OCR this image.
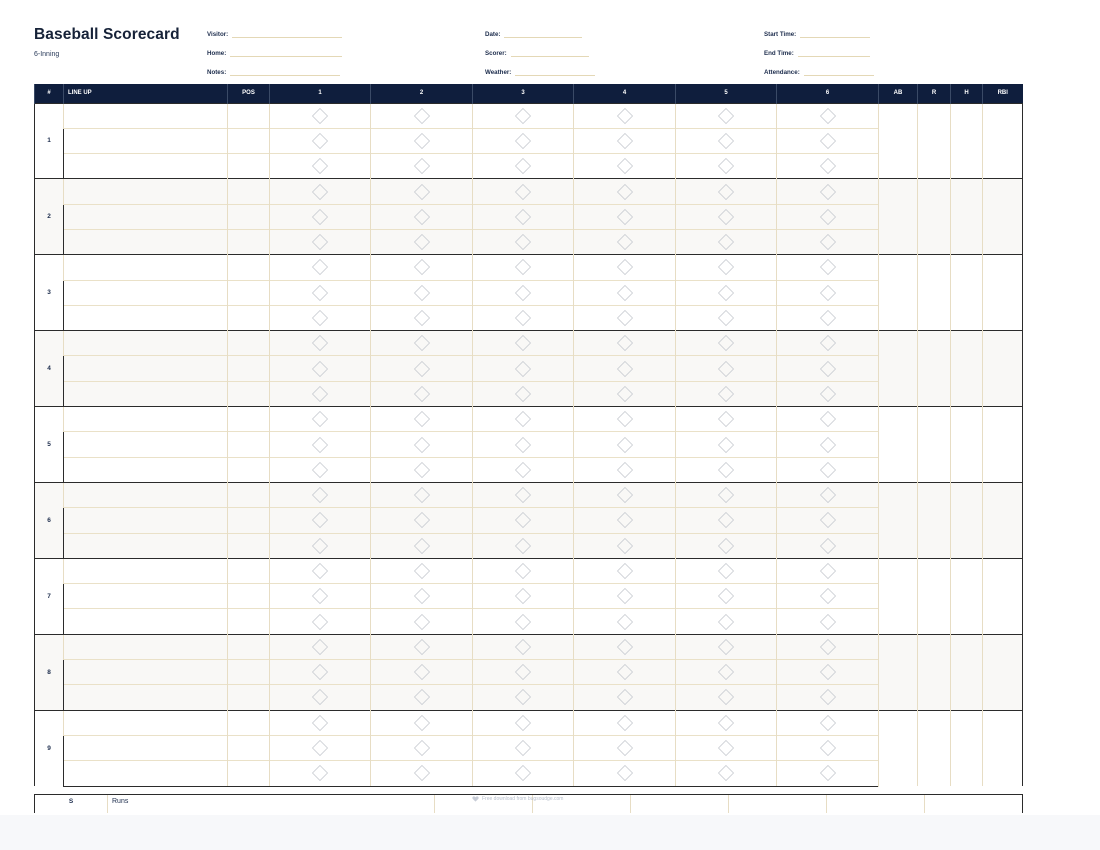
Baseball Scorecard
6-Inning
Visitor:
Home:
Notes:
Date:
Scorer:
Weather:
Start Time:
End Time:
Attendance:
#	LINE UP	POS	1	2	3	4	5	6	AB	R	H	RBI
1			

2			

3			

4			

5			

6			

7			

8			

9			

S	Runs							Free download from bugsoudge.com
